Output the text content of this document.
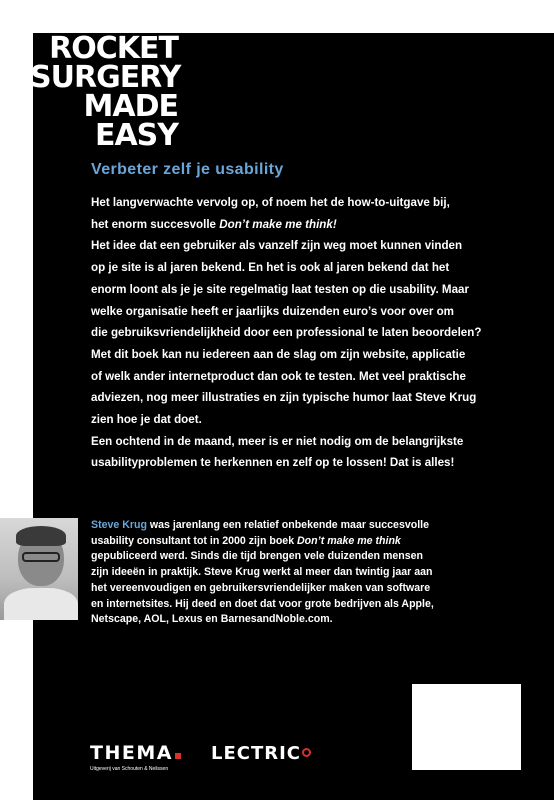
ROCKET
SURGERY
MADE
EASY
Verbeter zelf je usability

Het langverwachte vervolg op, of noem het de how-to-uitgave bij,

het enorm succesvolle Don’t make me think!

Het idee dat een gebruiker als vanzelf zijn weg moet kunnen vinden

op je site is al jaren bekend. En het is ook al jaren bekend dat het

enorm loont als je je site regelmatig laat testen op die usability. Maar

welke organisatie heeft er jaarlijks duizenden euro’s voor over om

die gebruiksvriendelijkheid door een professional te laten beoordelen?

Met dit boek kan nu iedereen aan de slag om zijn website, applicatie

of welk ander internetproduct dan ook te testen. Met veel praktische

adviezen, nog meer illustraties en zijn typische humor laat Steve Krug

zien hoe je dat doet.

Een ochtend in de maand, meer is er niet nodig om de belangrijkste

usabilityproblemen te herkennen en zelf op te lossen! Dat is alles!

Steve Krug was jarenlang een relatief onbekende maar succesvolle

usability consultant tot in 2000 zijn boek Don’t make me think

gepubliceerd werd. Sinds die tijd brengen vele duizenden mensen

zijn ideeën in praktijk. Steve Krug werkt al meer dan twintig jaar aan

het vereenvoudigen en gebruikersvriendelijker maken van software

en internetsites. Hij deed en doet dat voor grote bedrijven als Apple,

Netscape, AOL, Lexus en BarnesandNoble.com.

THEMA
Uitgeverij van Schouten & Nelissen
LECTRIC
